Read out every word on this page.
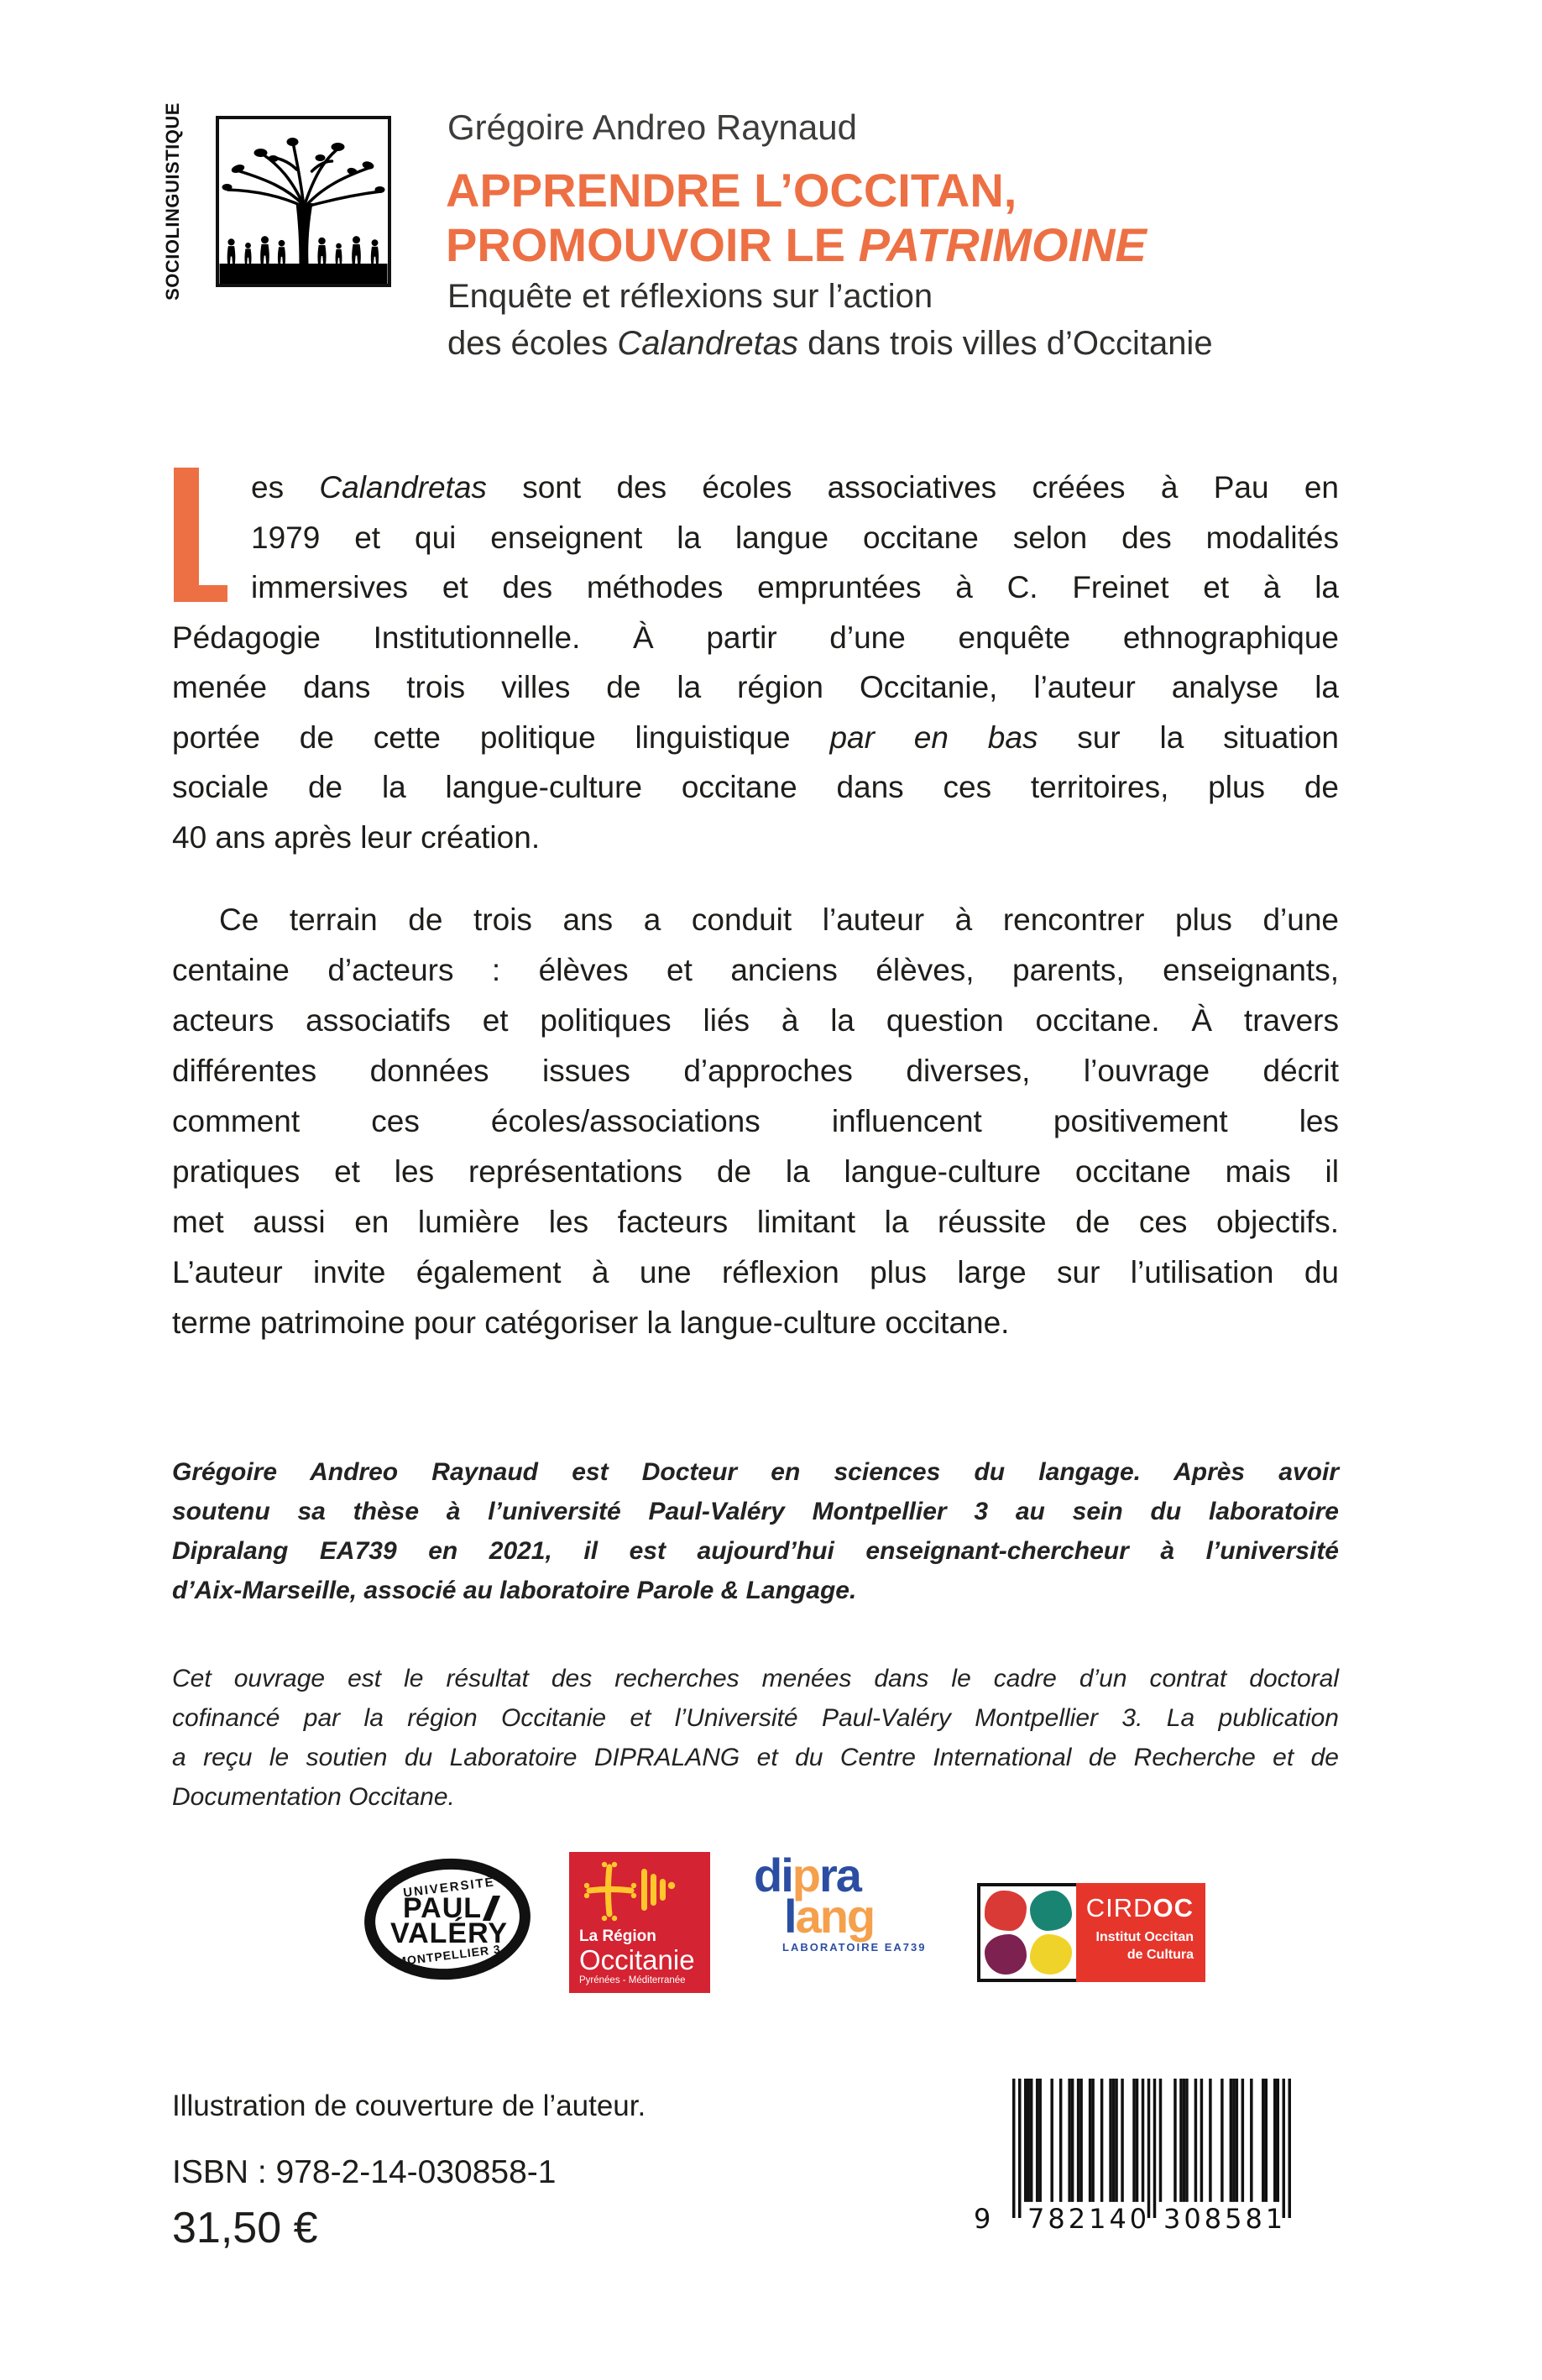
SOCIOLINGUISTIQUE	Grégoire Andreo Raynaud
APPRENDRE L’OCCITAN,
PROMOUVOIR LE PATRIMOINE
Enquête et réflexions sur l’action
des écoles Calandretas dans trois villes d’Occitanie
es Calandretas sont des écoles associatives créées à Pau en
1979 et qui enseignent la langue occitane selon des modalités
immersives et des méthodes empruntées à C. Freinet et à la
Pédagogie Institutionnelle. À partir d’une enquête ethnographique
menée dans trois villes de la région Occitanie, l’auteur analyse la
portée de cette politique linguistique par en bas sur la situation
sociale de la langue-culture occitane dans ces territoires, plus de
40 ans après leur création.
Ce terrain de trois ans a conduit l’auteur à rencontrer plus d’une
centaine d’acteurs : élèves et anciens élèves, parents, enseignants,
acteurs associatifs et politiques liés à la question occitane. À travers
différentes données issues d’approches diverses, l’ouvrage décrit
comment ces écoles/associations influencent positivement les
pratiques et les représentations de la langue-culture occitane mais il
met aussi en lumière les facteurs limitant la réussite de ces objectifs.
L’auteur invite également à une réflexion plus large sur l’utilisation du
terme patrimoine pour catégoriser la langue-culture occitane.
Grégoire Andreo Raynaud est Docteur en sciences du langage. Après avoir
soutenu sa thèse à l’université Paul-Valéry Montpellier 3 au sein du laboratoire
Dipralang EA739 en 2021, il est aujourd’hui enseignant-chercheur à l’université
d’Aix-Marseille, associé au laboratoire Parole & Langage.
Cet ouvrage est le résultat des recherches menées dans le cadre d’un contrat doctoral
cofinancé par la région Occitanie et l’Université Paul-Valéry Montpellier 3. La publication
a reçu le soutien du Laboratoire DIPRALANG et du Centre International de Recherche et de
Documentation Occitane.
UNIVERSITÉ
PAUL
VALÉRY
MONTPELLIER 3
La Région
Occitanie
Pyrénées - Méditerranée
dipra
lang
LABORATOIRE EA739
CIRDOC
Institut Occitan
de Cultura
Illustration de couverture de l’auteur.
ISBN : 978-2-14-030858-1
31,50 €	9 782140 308581
